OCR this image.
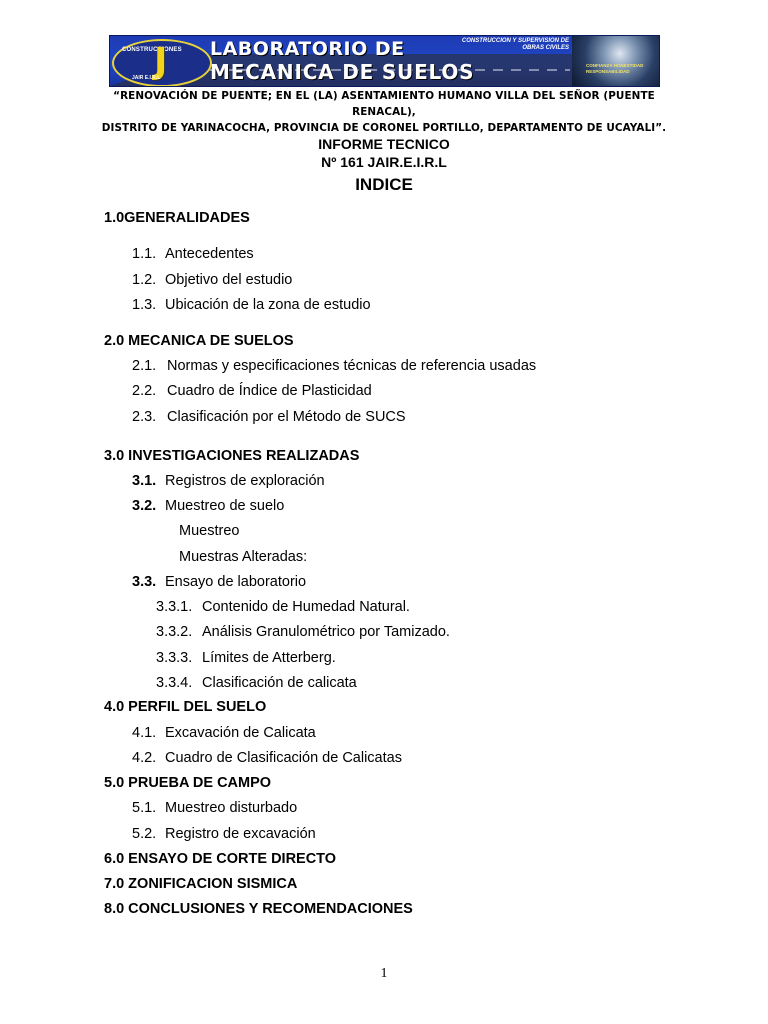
CONSTRUCCIONES
J
JAIR E.I.R.L
LABORATORIO DE
MECANICA DE SUELOS
CONSTRUCCION Y SUPERVISION DE OBRAS CIVILES
CONFIANZA HONESTIDAD RESPONSABILIDAD
“RENOVACIÓN DE PUENTE; EN EL (LA) ASENTAMIENTO HUMANO VILLA DEL SEÑOR (PUENTE RENACAL),
DISTRITO DE YARINACOCHA, PROVINCIA DE CORONEL PORTILLO, DEPARTAMENTO DE UCAYALI”.
INFORME TECNICO
Nº 161 JAIR.E.I.R.L
INDICE
1.0GENERALIDADES
1.1. Antecedentes
1.2. Objetivo del estudio
1.3. Ubicación de la zona de estudio
2.0 MECANICA DE SUELOS
2.1. Normas y especificaciones técnicas de referencia usadas
2.2. Cuadro de Índice de Plasticidad
2.3. Clasificación por el Método de SUCS
3.0 INVESTIGACIONES REALIZADAS
3.1. Registros de exploración
3.2. Muestreo de suelo
Muestreo
Muestras Alteradas:
3.3. Ensayo de laboratorio
3.3.1. Contenido de Humedad Natural.
3.3.2. Análisis Granulométrico por Tamizado.
3.3.3. Límites de Atterberg.
3.3.4. Clasificación de calicata
4.0 PERFIL DEL SUELO
4.1. Excavación de Calicata
4.2. Cuadro de Clasificación de Calicatas
5.0 PRUEBA DE CAMPO
5.1. Muestreo disturbado
5.2. Registro de excavación
6.0 ENSAYO DE CORTE DIRECTO
7.0 ZONIFICACION SISMICA
8.0 CONCLUSIONES Y RECOMENDACIONES
1
